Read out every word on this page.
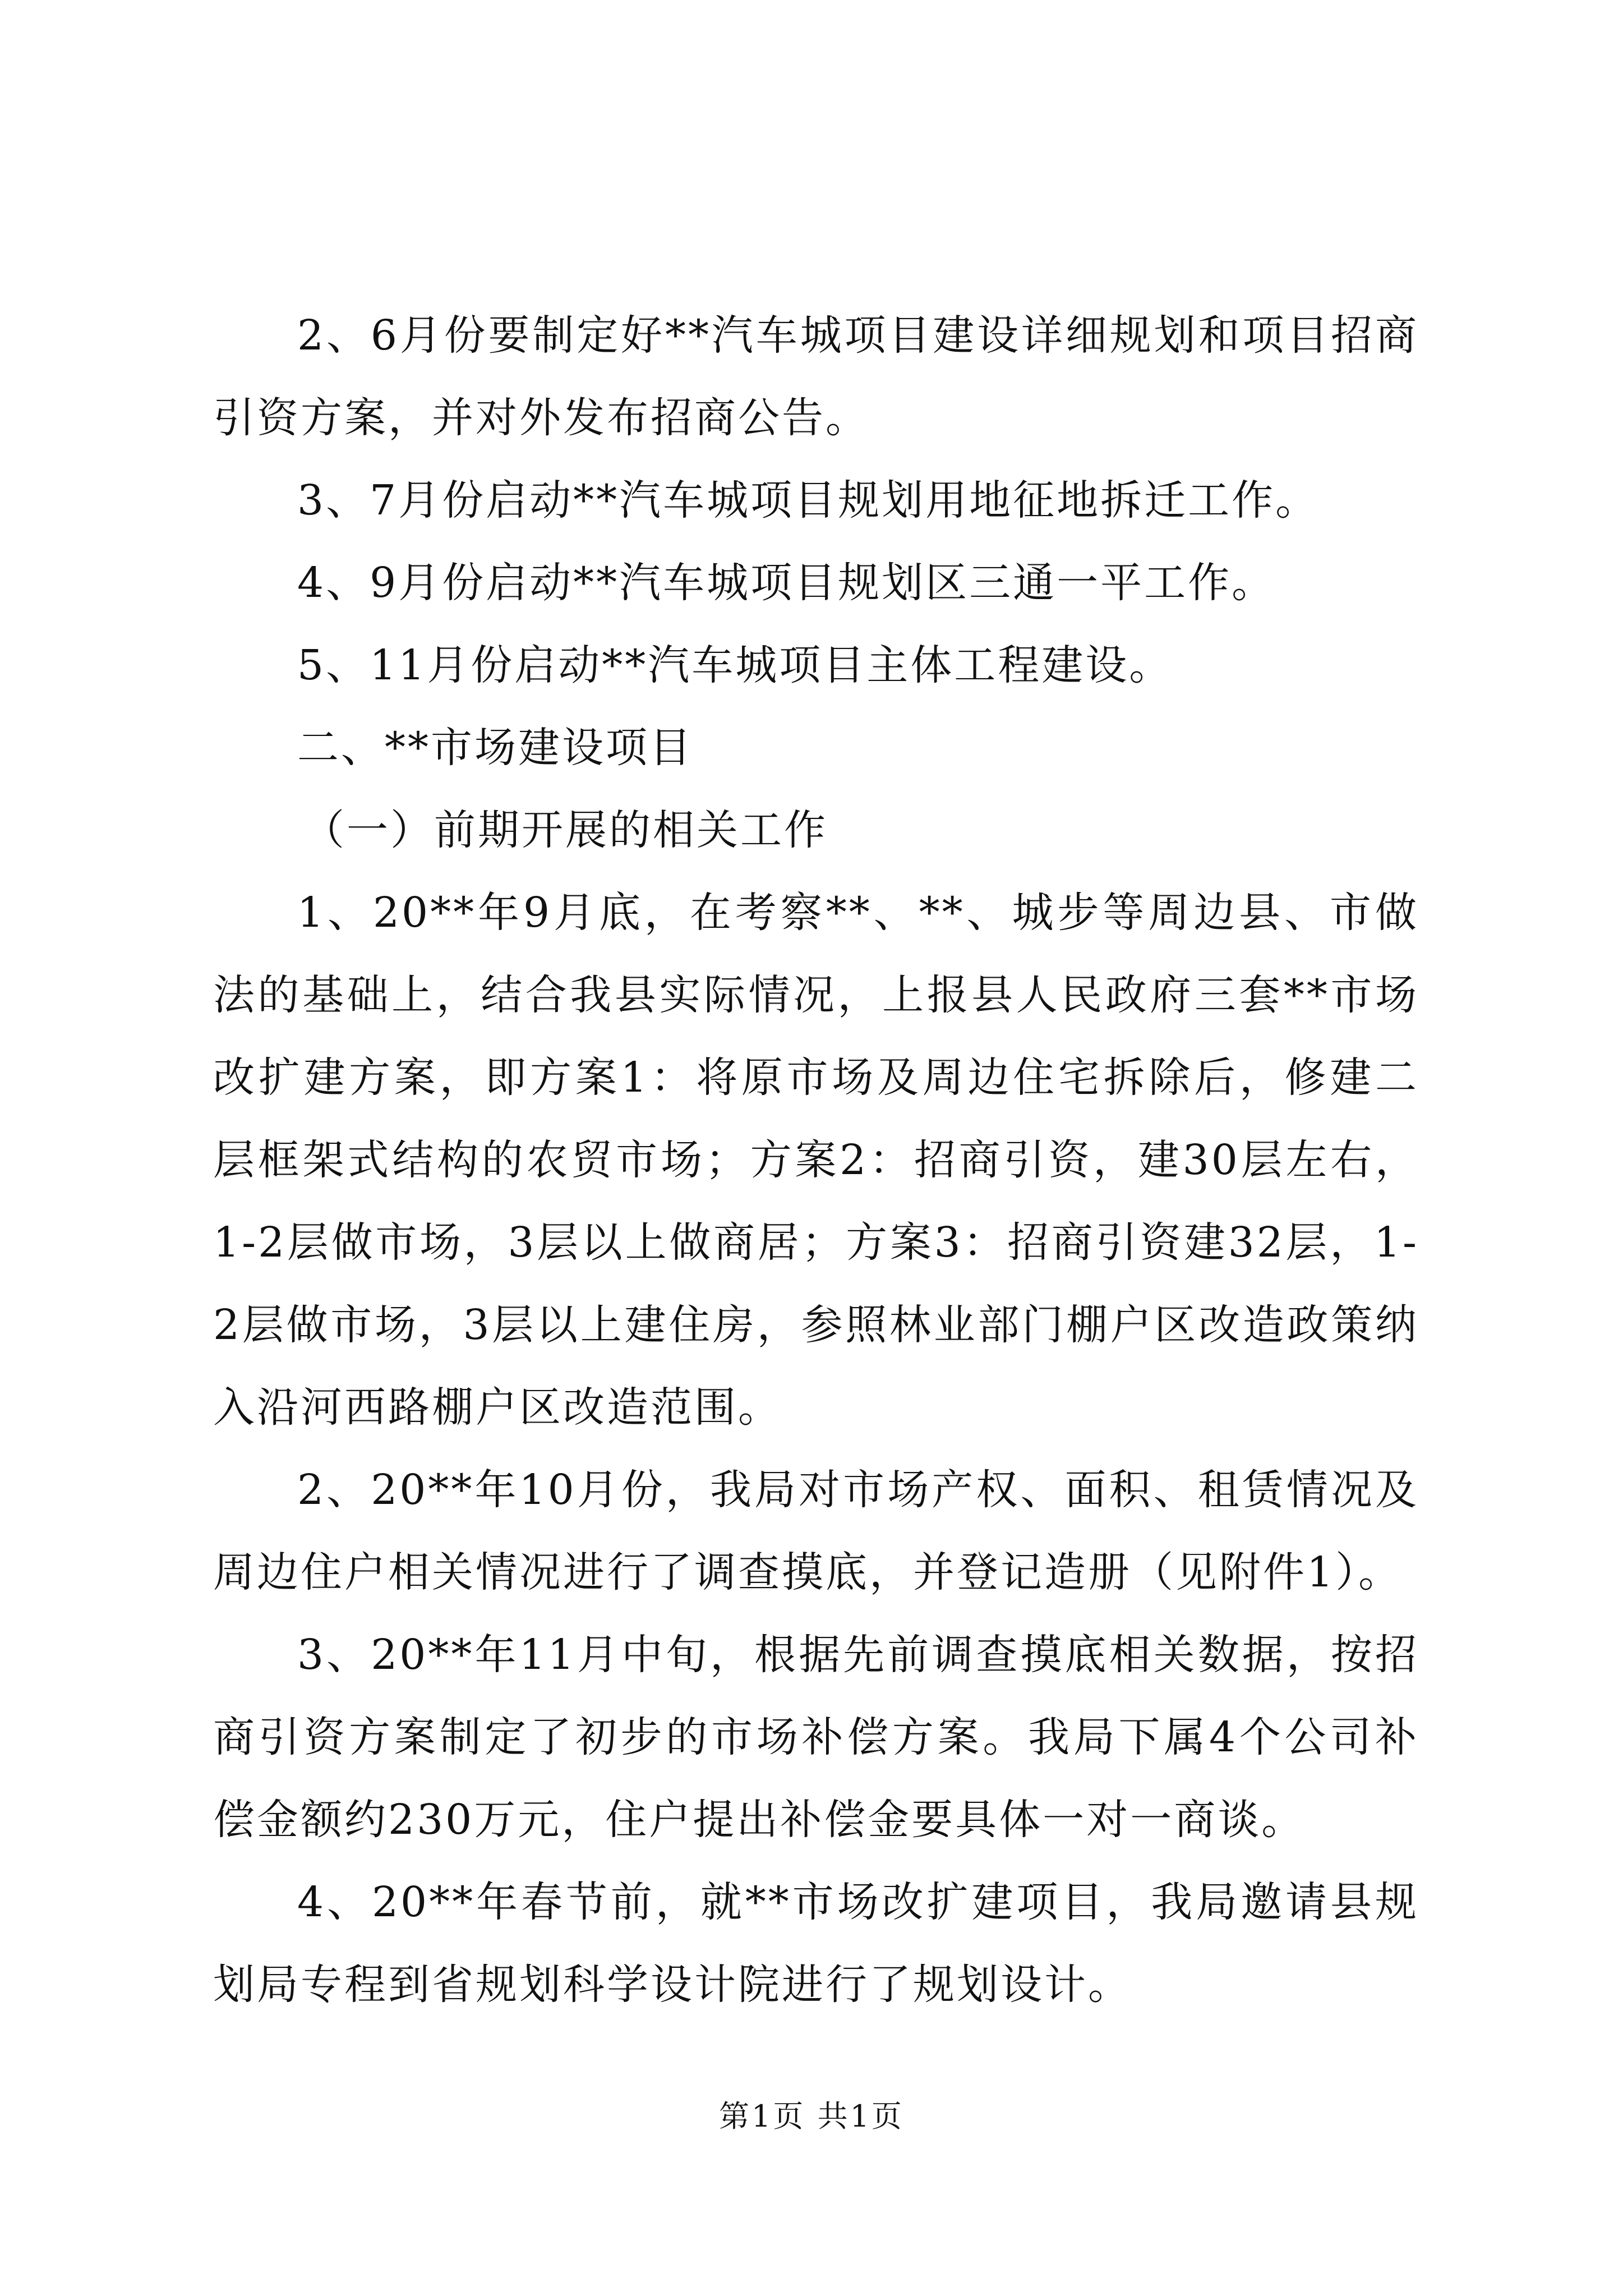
2、6月份要制定好**汽车城项目建设详细规划和项目招商引资方案，并对外发布招商公告。

3、7月份启动**汽车城项目规划用地征地拆迁工作。

4、9月份启动**汽车城项目规划区三通一平工作。

5、11月份启动**汽车城项目主体工程建设。

二、**市场建设项目

（一）前期开展的相关工作

1、20**年9月底，在考察**、**、城步等周边县、市做法的基础上，结合我县实际情况，上报县人民政府三套**市场改扩建方案，即方案1：将原市场及周边住宅拆除后，修建二层框架式结构的农贸市场；方案2：招商引资，建30层左右，1-2层做市场，3层以上做商居；方案3：招商引资建32层，1-2层做市场，3层以上建住房，参照林业部门棚户区改造政策纳入沿河西路棚户区改造范围。

2、20**年10月份，我局对市场产权、面积、租赁情况及周边住户相关情况进行了调查摸底，并登记造册（见附件1）。

3、20**年11月中旬，根据先前调查摸底相关数据，按招商引资方案制定了初步的市场补偿方案。我局下属4个公司补偿金额约230万元，住户提出补偿金要具体一对一商谈。

4、20**年春节前，就**市场改扩建项目，我局邀请县规划局专程到省规划科学设计院进行了规划设计。

第1页 共1页
